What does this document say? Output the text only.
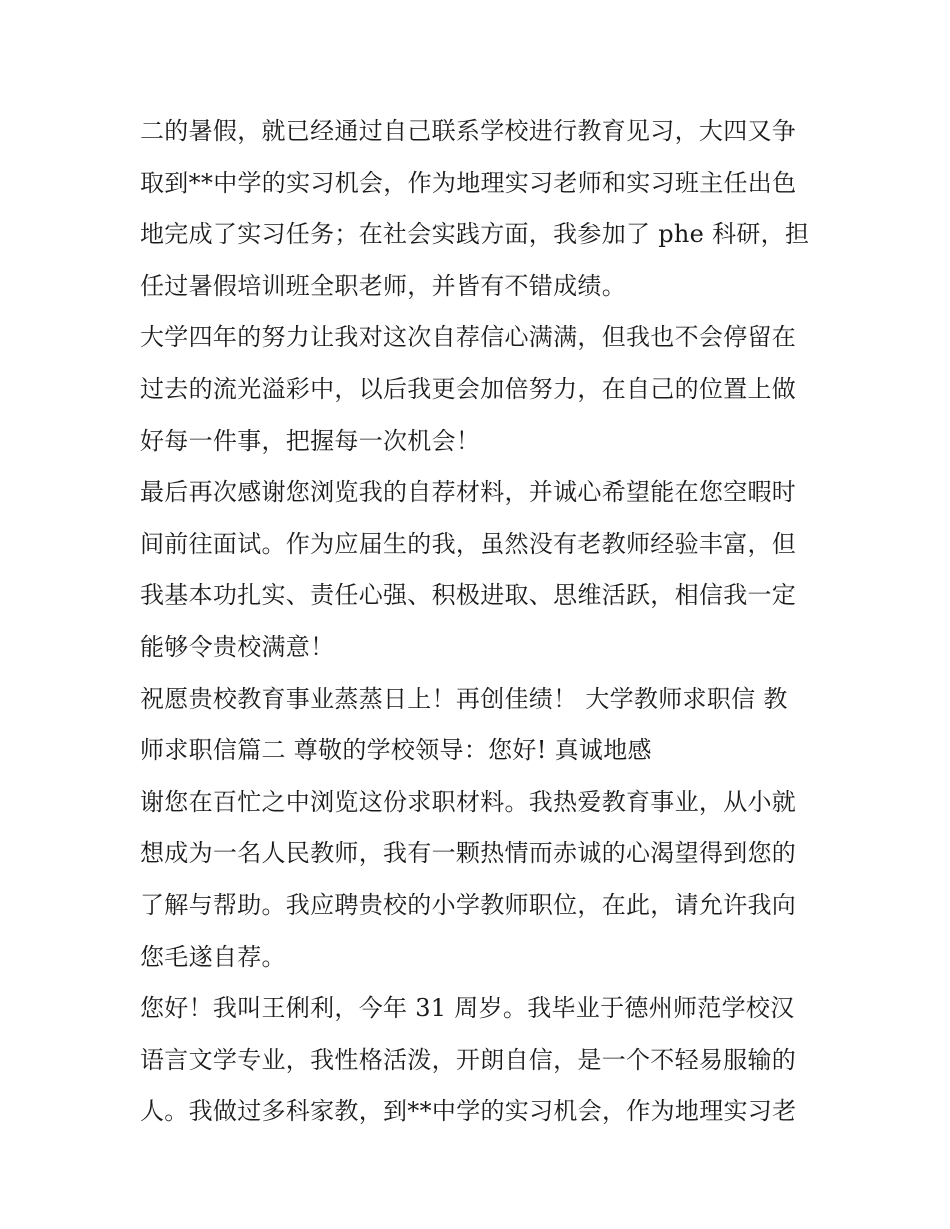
二的暑假，就已经通过自己联系学校进行教育见习，大四又争
取到**中学的实习机会，作为地理实习老师和实习班主任出色
地完成了实习任务；在社会实践方面，我参加了 phe 科研，担
任过暑假培训班全职老师，并皆有不错成绩。
大学四年的努力让我对这次自荐信心满满，但我也不会停留在
过去的流光溢彩中，以后我更会加倍努力，在自己的位置上做
好每一件事，把握每一次机会！
最后再次感谢您浏览我的自荐材料，并诚心希望能在您空暇时
间前往面试。作为应届生的我，虽然没有老教师经验丰富，但
我基本功扎实、责任心强、积极进取、思维活跃，相信我一定
能够令贵校满意！
祝愿贵校教育事业蒸蒸日上！再创佳绩！ 大学教师求职信 教
师求职信篇二 尊敬的学校领导：您好! 真诚地感
谢您在百忙之中浏览这份求职材料。我热爱教育事业，从小就
想成为一名人民教师，我有一颗热情而赤诚的心渴望得到您的
了解与帮助。我应聘贵校的小学教师职位，在此，请允许我向
您毛遂自荐。
您好！我叫王俐利，今年 31 周岁。我毕业于德州师范学校汉
语言文学专业，我性格活泼，开朗自信，是一个不轻易服输的
人。我做过多科家教，到**中学的实习机会，作为地理实习老
